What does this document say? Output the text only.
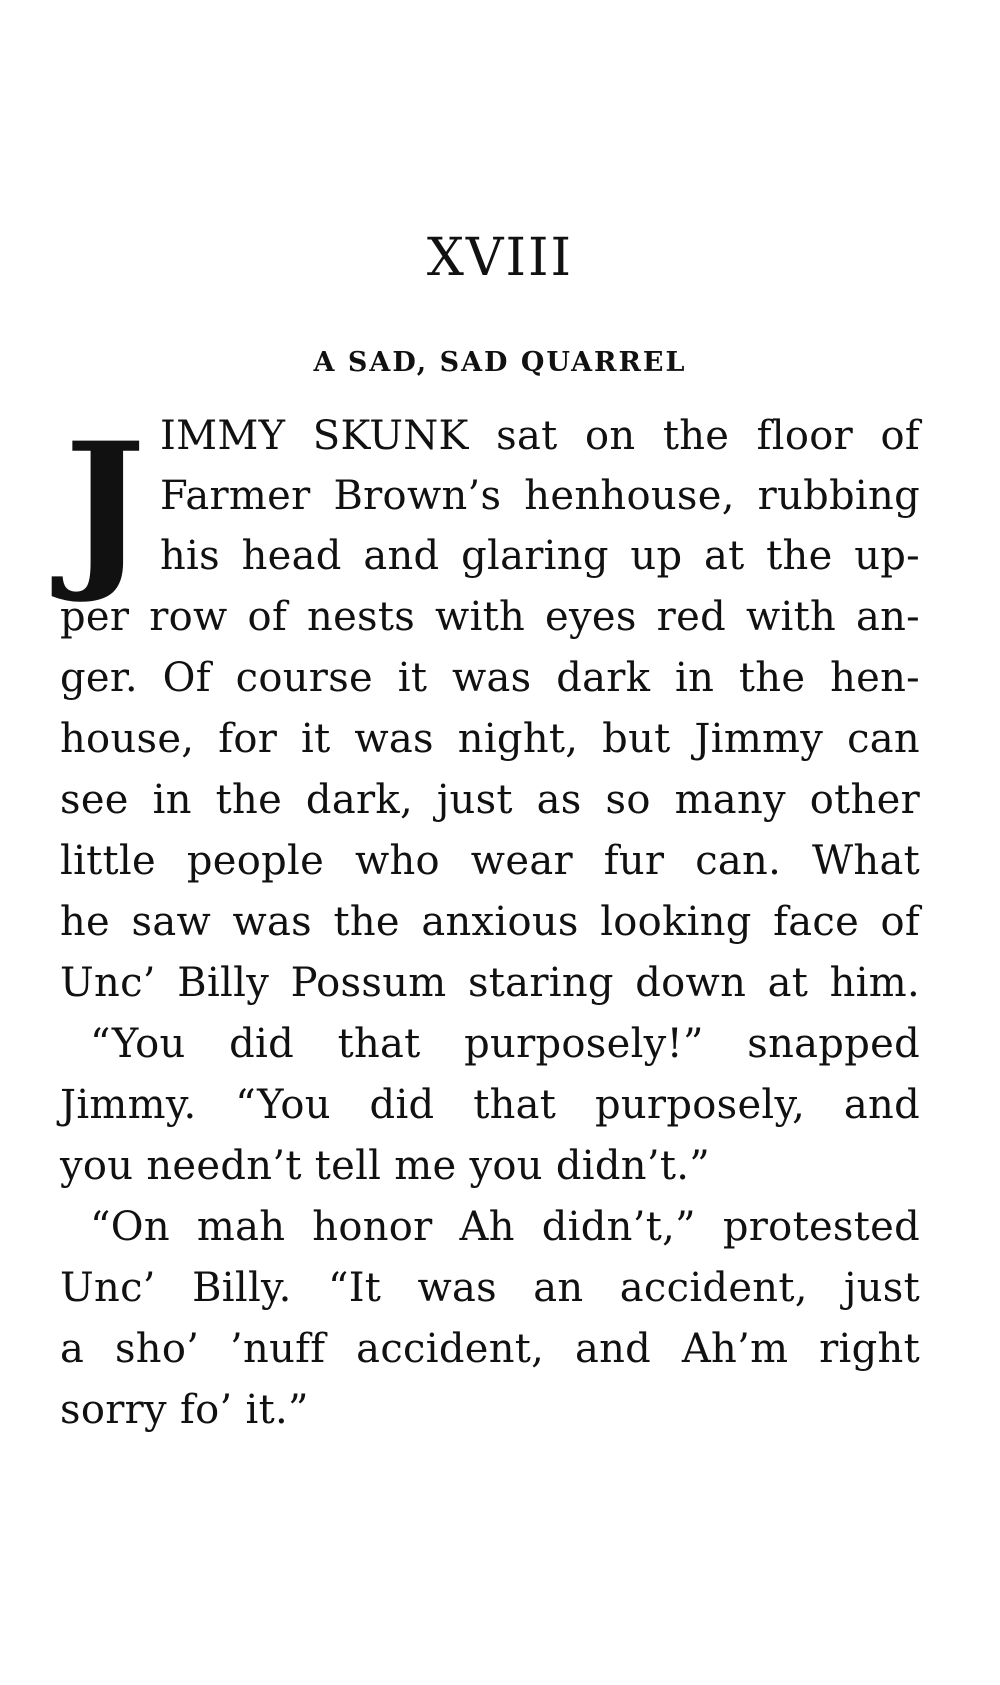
XVIII
A SAD, SAD QUARREL
J IMMY SKUNK sat on the floor of
Farmer Brown’s henhouse, rubbing
his head and glaring up at the up-
per row of nests with eyes red with an-
ger. Of course it was dark in the hen-
house, for it was night, but Jimmy can
see in the dark, just as so many other
little people who wear fur can. What
he saw was the anxious looking face of
Unc’ Billy Possum staring down at him.
“You did that purposely!” snapped
Jimmy. “You did that purposely, and
you needn’t tell me you didn’t.”
“On mah honor Ah didn’t,” protested
Unc’ Billy. “It was an accident, just
a sho’ ’nuff accident, and Ah’m right
sorry fo’ it.”
